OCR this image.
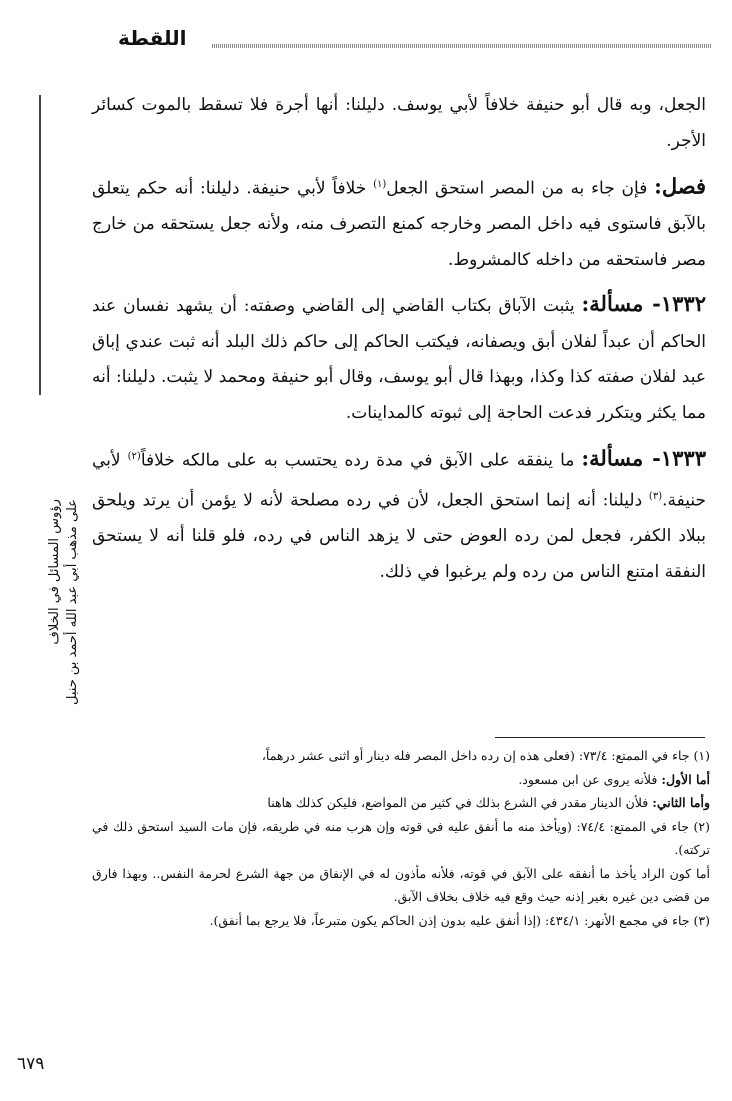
اللقطة
رؤوس المسائل في الخلاف على مذهب أبي عبد الله أحمد بن حنبل

الجعل، وبه قال أبو حنيفة خلافاً لأبي يوسف. دليلنا: أنها أجرة فلا تسقط بالموت كسائر الأجر.

فصل: فإن جاء به من المصر استحق الجعل$^{(١)}$ خلافاً لأبي حنيفة. دليلنا: أنه حكم يتعلق بالآبق فاستوى فيه داخل المصر وخارجه كمنع التصرف منه، ولأنه جعل يستحقه من خارج مصر فاستحقه من داخله كالمشروط.

١٣٣٢- مسألة: يثبت الآباق بكتاب القاضي إلى القاضي وصفته: أن يشهد نفسان عند الحاكم أن عبداً لفلان أبق ويصفانه، فيكتب الحاكم إلى حاكم ذلك البلد أنه ثبت عندي إباق عبد لفلان صفته كذا وكذا، وبهذا قال أبو يوسف، وقال أبو حنيفة ومحمد لا يثبت. دليلنا: أنه مما يكثر ويتكرر فدعت الحاجة إلى ثبوته كالمداينات.

١٣٣٣- مسألة: ما ينفقه على الآبق في مدة رده يحتسب به على مالكه خلافاً$^{(٢)}$ لأبي حنيفة.$^{(٣)}$ دليلنا: أنه إنما استحق الجعل، لأن في رده مصلحة لأنه لا يؤمن أن يرتد ويلحق ببلاد الكفر، فجعل لمن رده العوض حتى لا يزهد الناس في رده، فلو قلنا أنه لا يستحق النفقة امتنع الناس من رده ولم يرغبوا في ذلك.

(١) جاء في الممتع: ٧٣/٤: (فعلى هذه إن رده داخل المصر فله دينار أو اثنى عشر درهماً،

أما الأول: فلأنه يروى عن ابن مسعود.

وأما الثاني: فلأن الدينار مقدر في الشرع بذلك في كثير من المواضع، فليكن كذلك هاهنا

(٢) جاء في الممتع: ٧٤/٤: (ويأخذ منه ما أنفق عليه في قوته وإن هرب منه في طريقه، فإن مات السيد استحق ذلك في تركته).

أما كون الراد يأخذ ما أنفقه على الآبق في قوته، فلأنه مأذون له في الإنفاق من جهة الشرع لحرمة النفس.. وبهذا فارق من قضى دين غيره بغير إذنه حيث وقع فيه خلاف بخلاف الآبق.

(٣) جاء في مجمع الأنهر: ٤٣٤/١: (إذا أنفق عليه بدون إذن الحاكم يكون متبرعاً، فلا يرجع بما أنفق).

٦٧٩
